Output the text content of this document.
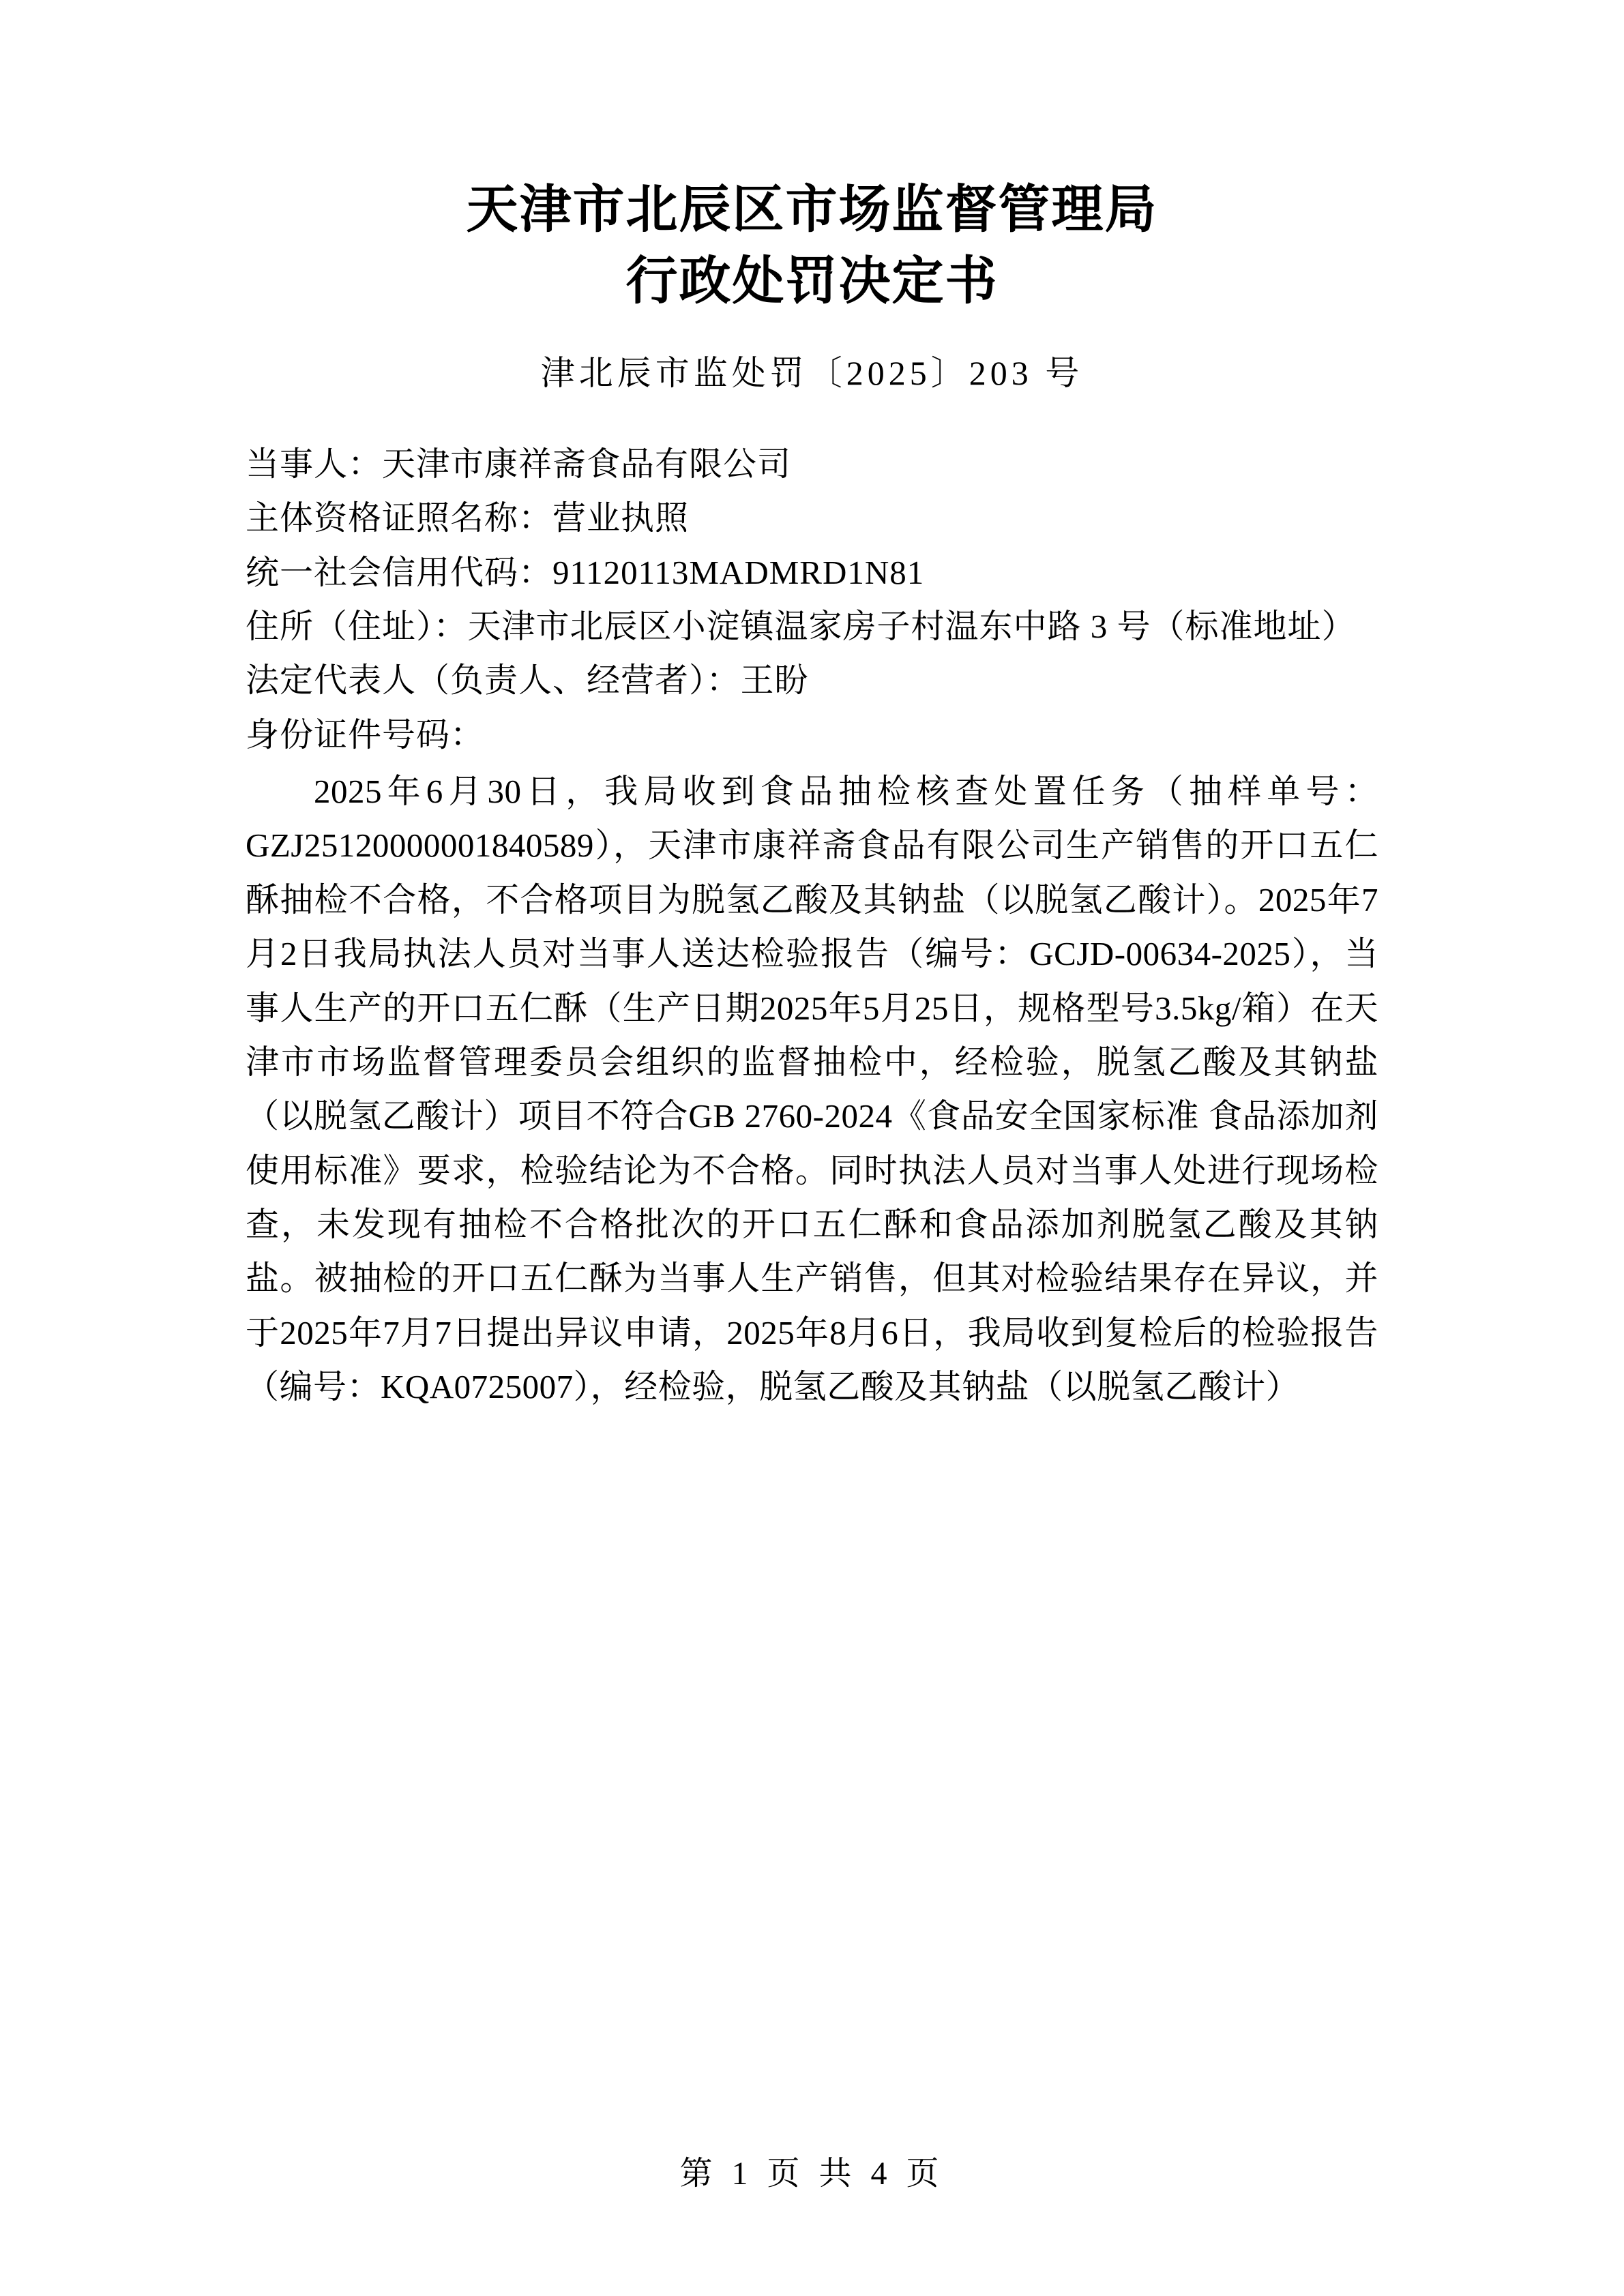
天津市北辰区市场监督管理局
行政处罚决定书
津北辰市监处罚〔2025〕203 号
当事人：天津市康祥斋食品有限公司
主体资格证照名称：营业执照
统一社会信用代码：91120113MADMRD1N81
住所（住址）：天津市北辰区小淀镇温家房子村温东中路 3 号（标准地址）
法定代表人（负责人、经营者）：王盼
身份证件号码：
2025年6月30日，我局收到食品抽检核查处置任务（抽样单号：GZJ25120000001840589），天津市康祥斋食品有限公司生产销售的开口五仁酥抽检不合格，不合格项目为脱氢乙酸及其钠盐（以脱氢乙酸计）。2025年7月2日我局执法人员对当事人送达检验报告（编号：GCJD-00634-2025），当事人生产的开口五仁酥（生产日期2025年5月25日，规格型号3.5kg/箱）在天津市市场监督管理委员会组织的监督抽检中，经检验，脱氢乙酸及其钠盐（以脱氢乙酸计）项目不符合GB 2760-2024《食品安全国家标准 食品添加剂使用标准》要求，检验结论为不合格。同时执法人员对当事人处进行现场检查，未发现有抽检不合格批次的开口五仁酥和食品添加剂脱氢乙酸及其钠盐。被抽检的开口五仁酥为当事人生产销售，但其对检验结果存在异议，并于2025年7月7日提出异议申请，2025年8月6日，我局收到复检后的检验报告（编号：KQA0725007），经检验，脱氢乙酸及其钠盐（以脱氢乙酸计）
第 1 页 共 4 页
